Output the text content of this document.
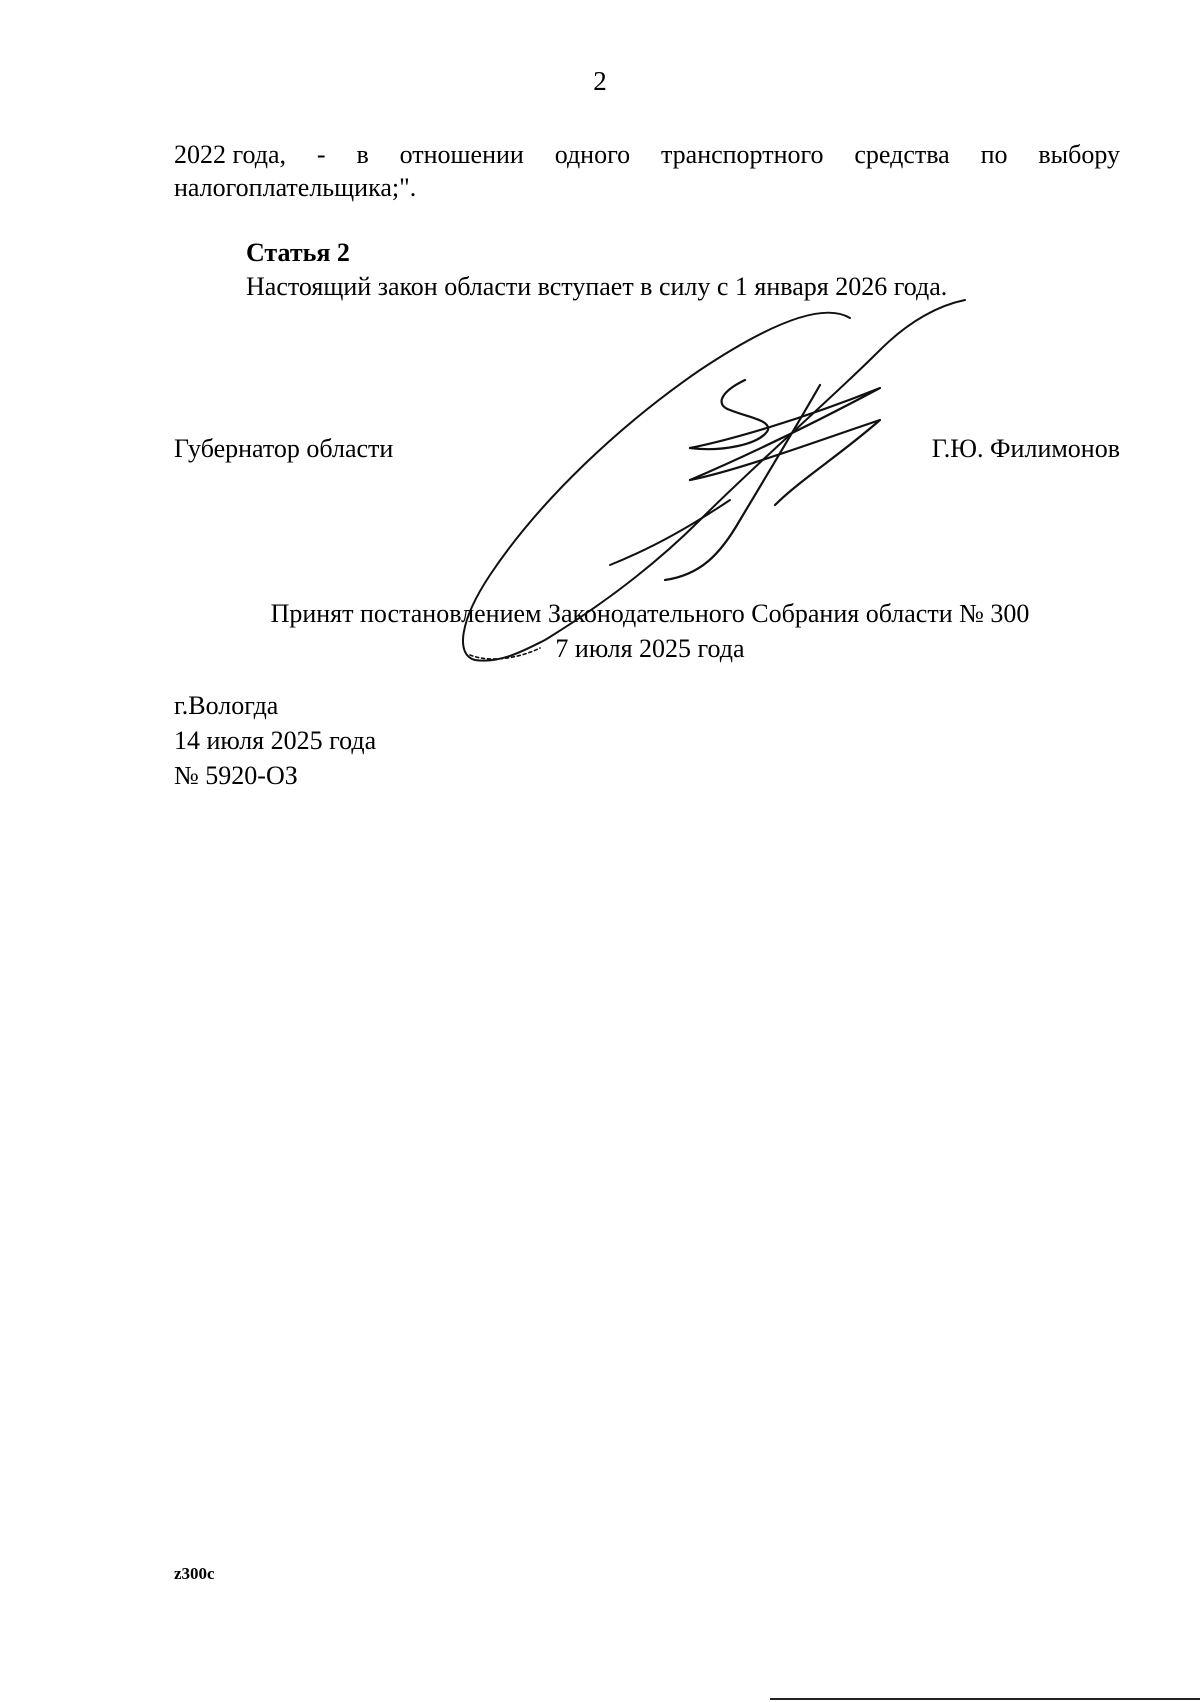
2
2022 года, - в отношении одного транспортного средства по выбору
налогоплательщика;".
Статья 2
Настоящий закон области вступает в силу с 1 января 2026 года.
Губернатор области	Г.Ю. Филимонов
Принят постановлением Законодательного Собрания области № 300
7 июля 2025 года
г.Вологда
14 июля 2025 года
№ 5920-ОЗ
z300c
